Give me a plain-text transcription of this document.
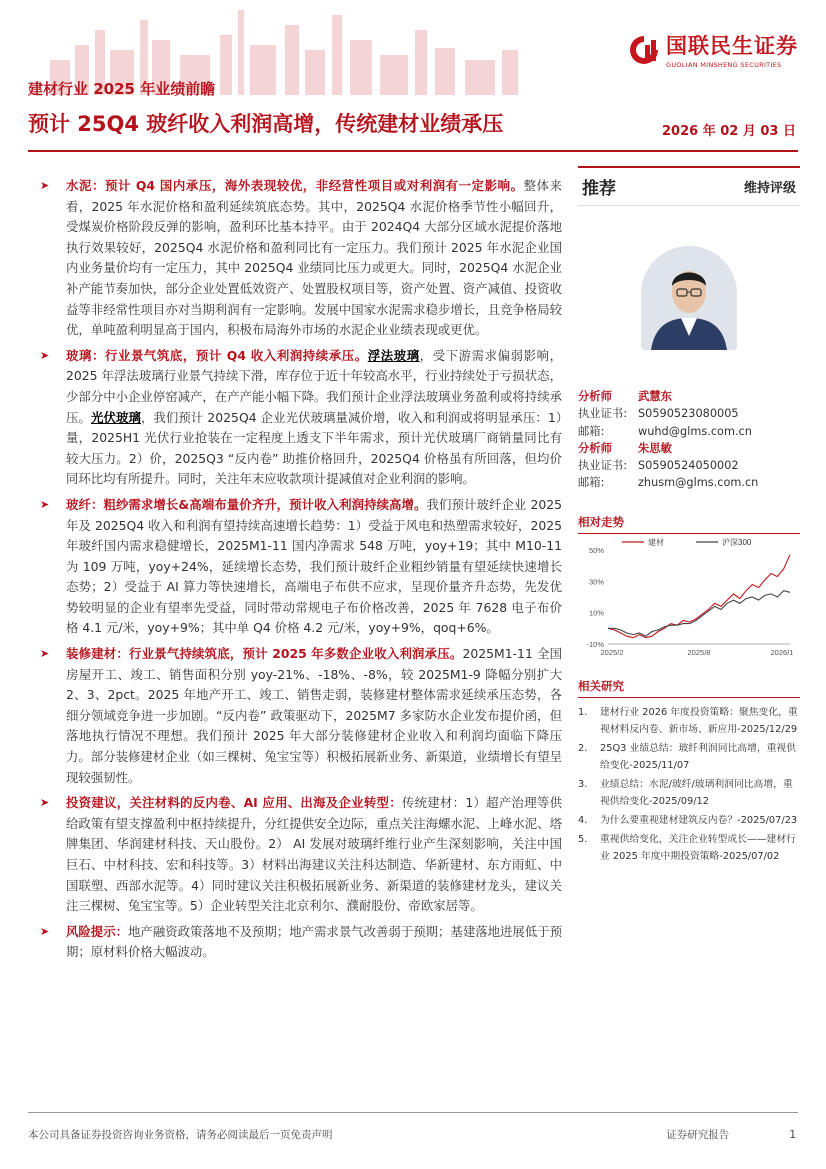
国联民生证券
GUOLIAN MINSHENG SECURITIES
建材行业 2025 年业绩前瞻
预计 25Q4 玻纤收入利润高增，传统建材业绩承压	2026 年 02 月 03 日
➤ 水泥：预计 Q4 国内承压，海外表现较优，非经营性项目或对利润有一定影响。整体来看，2025 年水泥价格和盈利延续筑底态势。其中，2025Q4 水泥价格季节性小幅回升，受煤炭价格阶段反弹的影响，盈利环比基本持平。由于 2024Q4 大部分区域水泥提价落地执行效果较好，2025Q4 水泥价格和盈利同比有一定压力。我们预计 2025 年水泥企业国内业务量价均有一定压力，其中 2025Q4 业绩同比压力或更大。同时，2025Q4 水泥企业补产能节奏加快，部分企业处置低效资产、处置股权项目等，资产处置、资产减值、投资收益等非经常性项目亦对当期利润有一定影响。发展中国家水泥需求稳步增长，且竞争格局较优，单吨盈利明显高于国内，积极布局海外市场的水泥企业业绩表现或更优。
➤ 玻璃：行业景气筑底，预计 Q4 收入利润持续承压。浮法玻璃，受下游需求偏弱影响，2025 年浮法玻璃行业景气持续下滑，库存位于近十年较高水平，行业持续处于亏损状态，少部分中小企业停窑减产，在产产能小幅下降。我们预计企业浮法玻璃业务盈利或将持续承压。光伏玻璃，我们预计 2025Q4 企业光伏玻璃量减价增，收入和利润或将明显承压：1）量，2025H1 光伏行业抢装在一定程度上透支下半年需求，预计光伏玻璃厂商销量同比有较大压力。2）价，2025Q3 “反内卷” 助推价格回升，2025Q4 价格虽有所回落，但均价同环比均有所提升。同时，关注年末应收款项计提减值对企业利润的影响。
➤ 玻纤：粗纱需求增长&高端布量价齐升，预计收入利润持续高增。我们预计玻纤企业 2025 年及 2025Q4 收入和利润有望持续高速增长趋势：1）受益于风电和热塑需求较好，2025 年玻纤国内需求稳健增长，2025M1-11 国内净需求 548 万吨，yoy+19；其中 M10-11 为 109 万吨，yoy+24%，延续增长态势，我们预计玻纤企业粗纱销量有望延续快速增长态势；2）受益于 AI 算力等快速增长，高端电子布供不应求，呈现价量齐升态势，先发优势较明显的企业有望率先受益，同时带动常规电子布价格改善，2025 年 7628 电子布价格 4.1 元/米，yoy+9%；其中单 Q4 价格 4.2 元/米，yoy+9%，qoq+6%。
➤ 装修建材：行业景气持续筑底，预计 2025 年多数企业收入利润承压。2025M1-11 全国房屋开工、竣工、销售面积分别 yoy-21%、-18%、-8%，较 2025M1-9 降幅分别扩大 2、3、2pct。2025 年地产开工、竣工、销售走弱，装修建材整体需求延续承压态势，各细分领域竞争进一步加剧。“反内卷” 政策驱动下，2025M7 多家防水企业发布提价函，但落地执行情况不理想。我们预计 2025 年大部分装修建材企业收入和利润均面临下降压力。部分装修建材企业（如三棵树、兔宝宝等）积极拓展新业务、新渠道，业绩增长有望呈现较强韧性。
➤ 投资建议，关注材料的反内卷、AI 应用、出海及企业转型：传统建材：1）超产治理等供给政策有望支撑盈利中枢持续提升，分红提供安全边际，重点关注海螺水泥、上峰水泥、塔牌集团、华润建材科技、天山股份。2） AI 发展对玻璃纤维行业产生深刻影响，关注中国巨石、中材科技、宏和科技等。3）材料出海建议关注科达制造、华新建材、东方雨虹、中国联塑、西部水泥等。4）同时建议关注积极拓展新业务、新渠道的装修建材龙头，建议关注三棵树、兔宝宝等。5）企业转型关注北京利尔、濮耐股份、帝欧家居等。
➤ 风险提示：地产融资政策落地不及预期；地产需求景气改善弱于预期；基建落地进展低于预期；原材料价格大幅波动。
推荐	维持评级
分析师	武慧东
执业证书: S0590523080005
邮箱:	wuhd@glms.com.cn
分析师	朱思敏
执业证书: S0590524050002
邮箱:	zhusm@glms.com.cn
相对走势
50%
30%
10%
-10%
2025/2	2025/8	2026/1
建材	沪深300
相关研究
1.	建材行业 2026 年度投资策略：聚焦变化，重视材料反内卷、新市场、新应用-2025/12/29
2.	25Q3 业绩总结：玻纤利润同比高增，重视供给变化-2025/11/07
3.	业绩总结：水泥/玻纤/玻璃利润同比高增，重视供给变化-2025/09/12
4.	为什么要重视建材建筑反内卷？-2025/07/23
5.	重视供给变化，关注企业转型成长——建材行业 2025 年度中期投资策略-2025/07/02
本公司具备证券投资咨询业务资格，请务必阅读最后一页免责声明	证券研究报告	1
